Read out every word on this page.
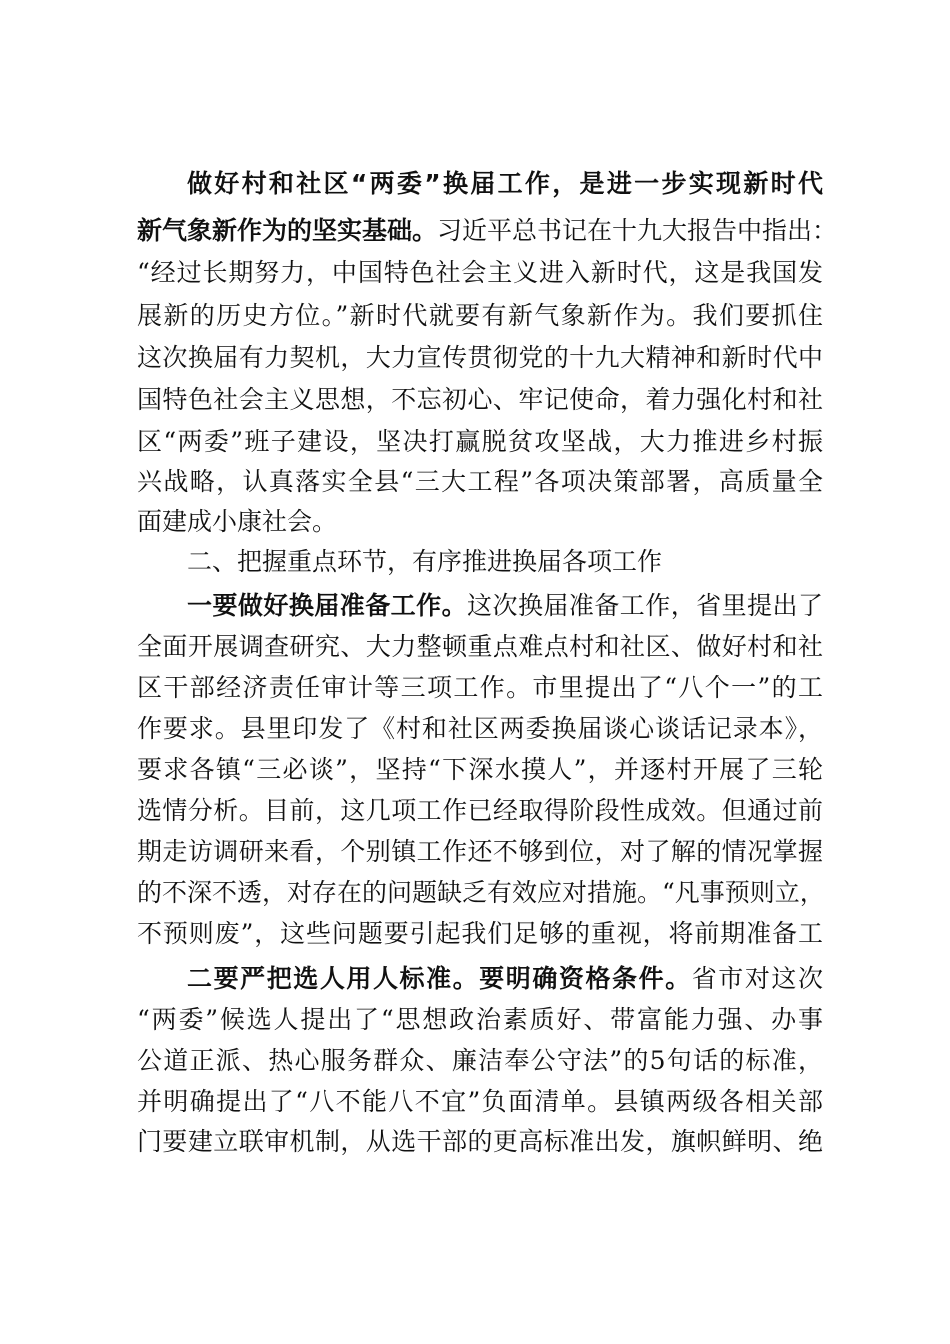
做好村和社区“两委”换届工作，是进一步实现新时代
新气象新作为的坚实基础。习近平总书记在十九大报告中指出：
“经过长期努力，中国特色社会主义进入新时代，这是我国发
展新的历史方位。”新时代就要有新气象新作为。我们要抓住
这次换届有力契机，大力宣传贯彻党的十九大精神和新时代中
国特色社会主义思想，不忘初心、牢记使命，着力强化村和社
区“两委”班子建设，坚决打赢脱贫攻坚战，大力推进乡村振
兴战略，认真落实全县“三大工程”各项决策部署，高质量全
面建成小康社会。
二、把握重点环节，有序推进换届各项工作
一要做好换届准备工作。这次换届准备工作，省里提出了
全面开展调查研究、大力整顿重点难点村和社区、做好村和社
区干部经济责任审计等三项工作。市里提出了“八个一”的工
作要求。县里印发了《村和社区两委换届谈心谈话记录本》，
要求各镇“三必谈”，坚持“下深水摸人”，并逐村开展了三轮
选情分析。目前，这几项工作已经取得阶段性成效。但通过前
期走访调研来看，个别镇工作还不够到位，对了解的情况掌握
的不深不透，对存在的问题缺乏有效应对措施。“凡事预则立，
不预则废”，这些问题要引起我们足够的重视，将前期准备工
二要严把选人用人标准。要明确资格条件。省市对这次
“两委”候选人提出了“思想政治素质好、带富能力强、办事
公道正派、热心服务群众、廉洁奉公守法”的5句话的标准，
并明确提出了“八不能八不宜”负面清单。县镇两级各相关部
门要建立联审机制，从选干部的更高标准出发，旗帜鲜明、绝
